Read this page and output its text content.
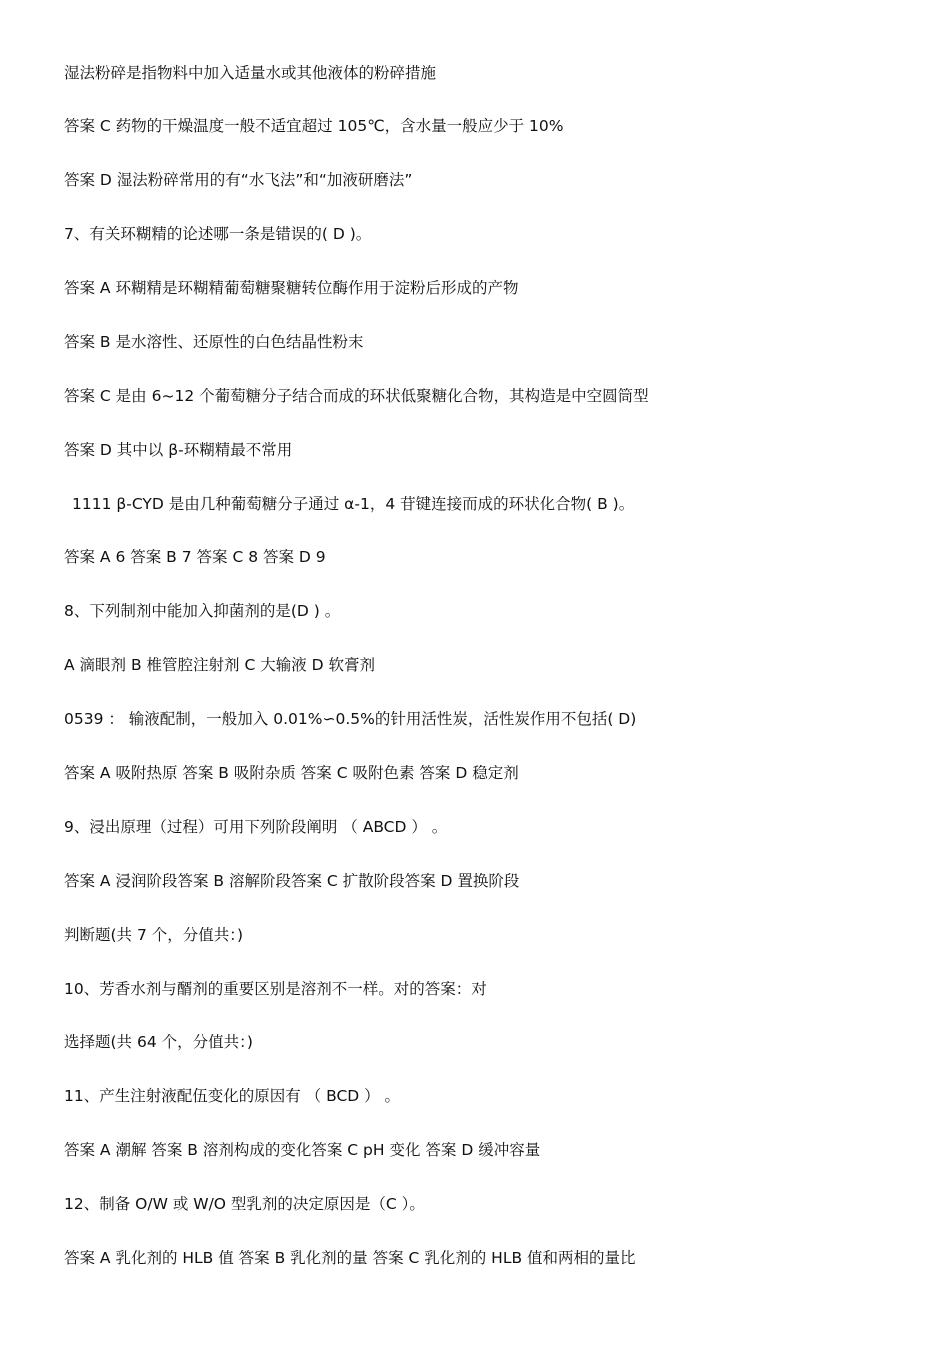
湿法粉碎是指物料中加入适量水或其他液体的粉碎措施
答案 C 药物的干燥温度一般不适宜超过 105℃，含水量一般应少于 10%
答案 D 湿法粉碎常用的有“水飞法”和“加液研磨法”
7、有关环糊精的论述哪一条是错误的( D )。
答案 A 环糊精是环糊精葡萄糖聚糖转位酶作用于淀粉后形成的产物
答案 B 是水溶性、还原性的白色结晶性粉末
答案 C 是由 6~12 个葡萄糖分子结合而成的环状低聚糖化合物，其构造是中空圆筒型
答案 D 其中以 β-环糊精最不常用
1111 β-CYD 是由几种葡萄糖分子通过 α-1，4 苷键连接而成的环状化合物( B )。
答案 A 6 答案 B 7 答案 C 8 答案 D 9
8、下列制剂中能加入抑菌剂的是(D ) 。
A 滴眼剂 B 椎管腔注射剂 C 大输液 D 软膏剂
0539 ： 输液配制，一般加入 0.01%∽0.5%的针用活性炭，活性炭作用不包括( D)
答案 A 吸附热原 答案 B 吸附杂质 答案 C 吸附色素 答案 D 稳定剂
9、浸出原理（过程）可用下列阶段阐明 （ ABCD ） 。
答案 A 浸润阶段答案 B 溶解阶段答案 C 扩散阶段答案 D 置换阶段
判断题(共 7 个，分值共：)
10、芳香水剂与醑剂的重要区别是溶剂不一样。对的答案：对
选择题(共 64 个，分值共：)
11、产生注射液配伍变化的原因有 （ BCD ） 。
答案 A 潮解 答案 B 溶剂构成的变化答案 C pH 变化 答案 D 缓冲容量
12、制备 O/W 或 W/O 型乳剂的决定原因是（C ）。
答案 A 乳化剂的 HLB 值 答案 B 乳化剂的量 答案 C 乳化剂的 HLB 值和两相的量比
